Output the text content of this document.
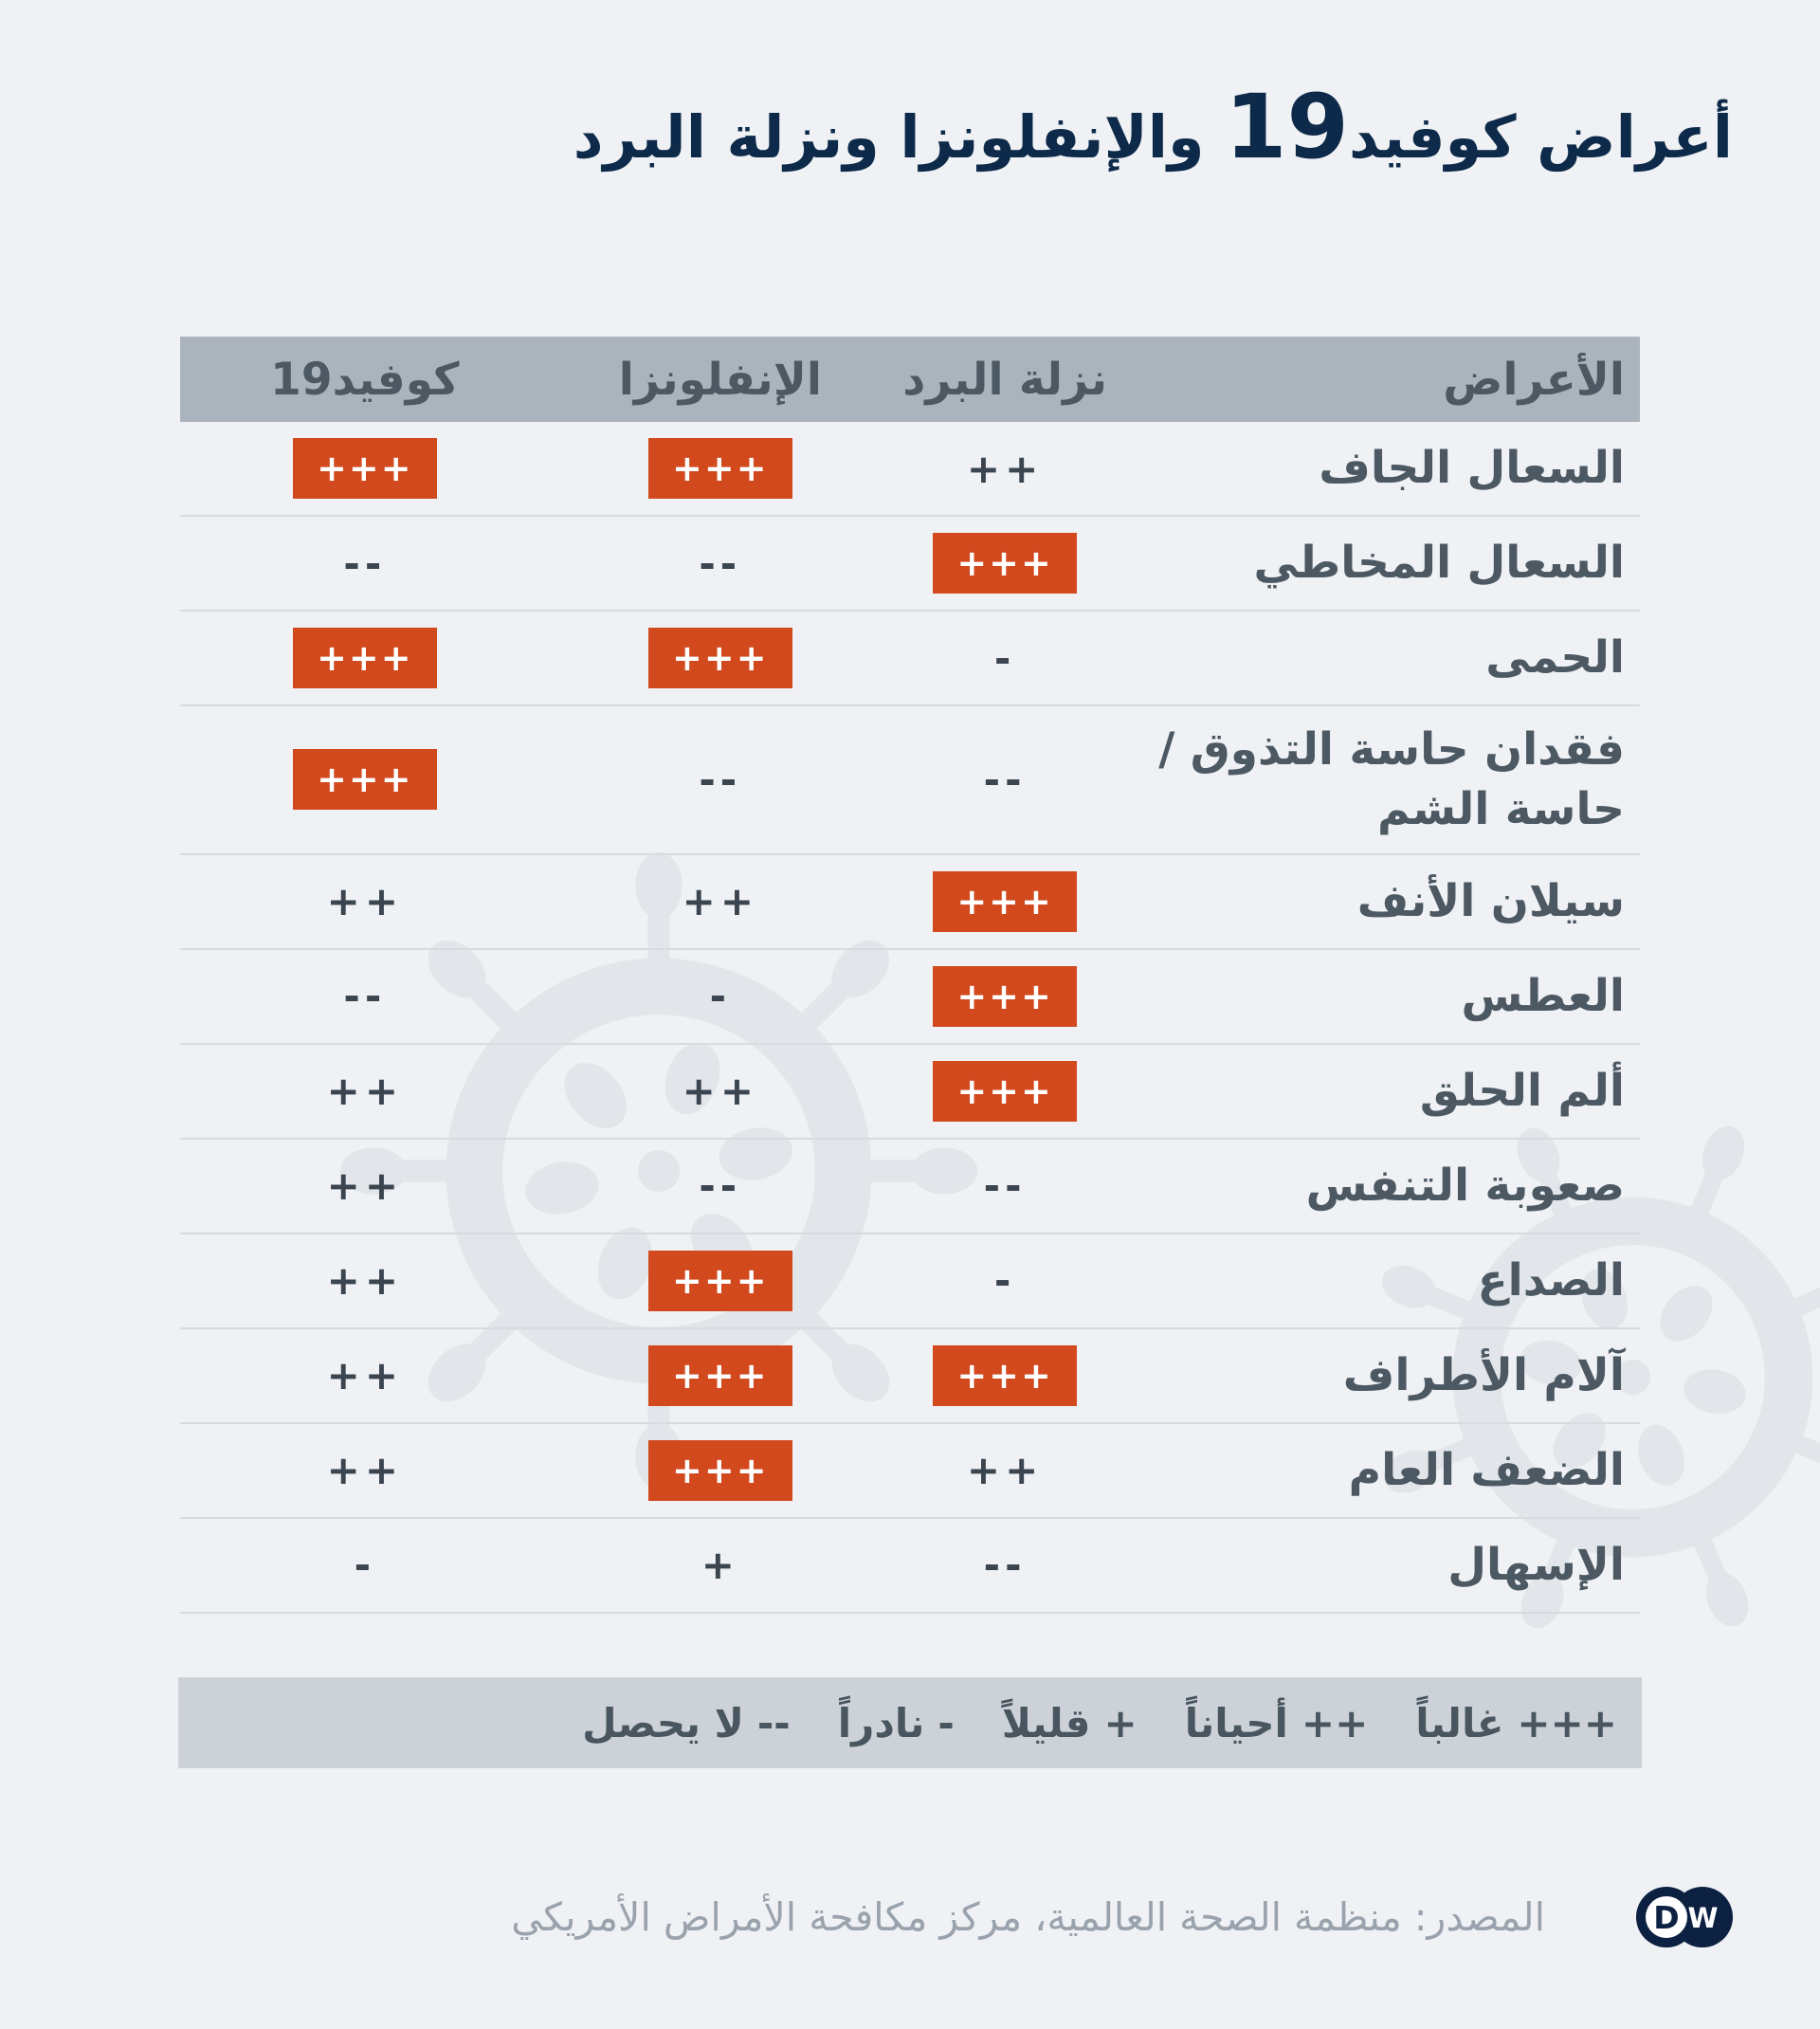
أعراض كوفيد19 والإنفلونزا ونزلة البرد
الأعراض
نزلة البرد
الإنفلونزا
كوفيد19
السعال الجاف
++
+++
+++
السعال المخاطي
+++
--
--
الحمى
-
+++
+++
فقدان حاسة التذوق / حاسة الشم
--
--
+++
سيلان الأنف
+++
++
++
العطس
+++
-
--
ألم الحلق
+++
++
++
صعوبة التنفس
--
--
++
الصداع
-
+++
++
آلام الأطراف
+++
+++
++
الضعف العام
++
+++
++
الإسهال
--
+
-
+++
غالباً
++
أحياناً
+
قليلاً
-
نادراً
--
لا يحصل
D W
المصدر: منظمة الصحة العالمية، مركز مكافحة الأمراض الأمريكي
